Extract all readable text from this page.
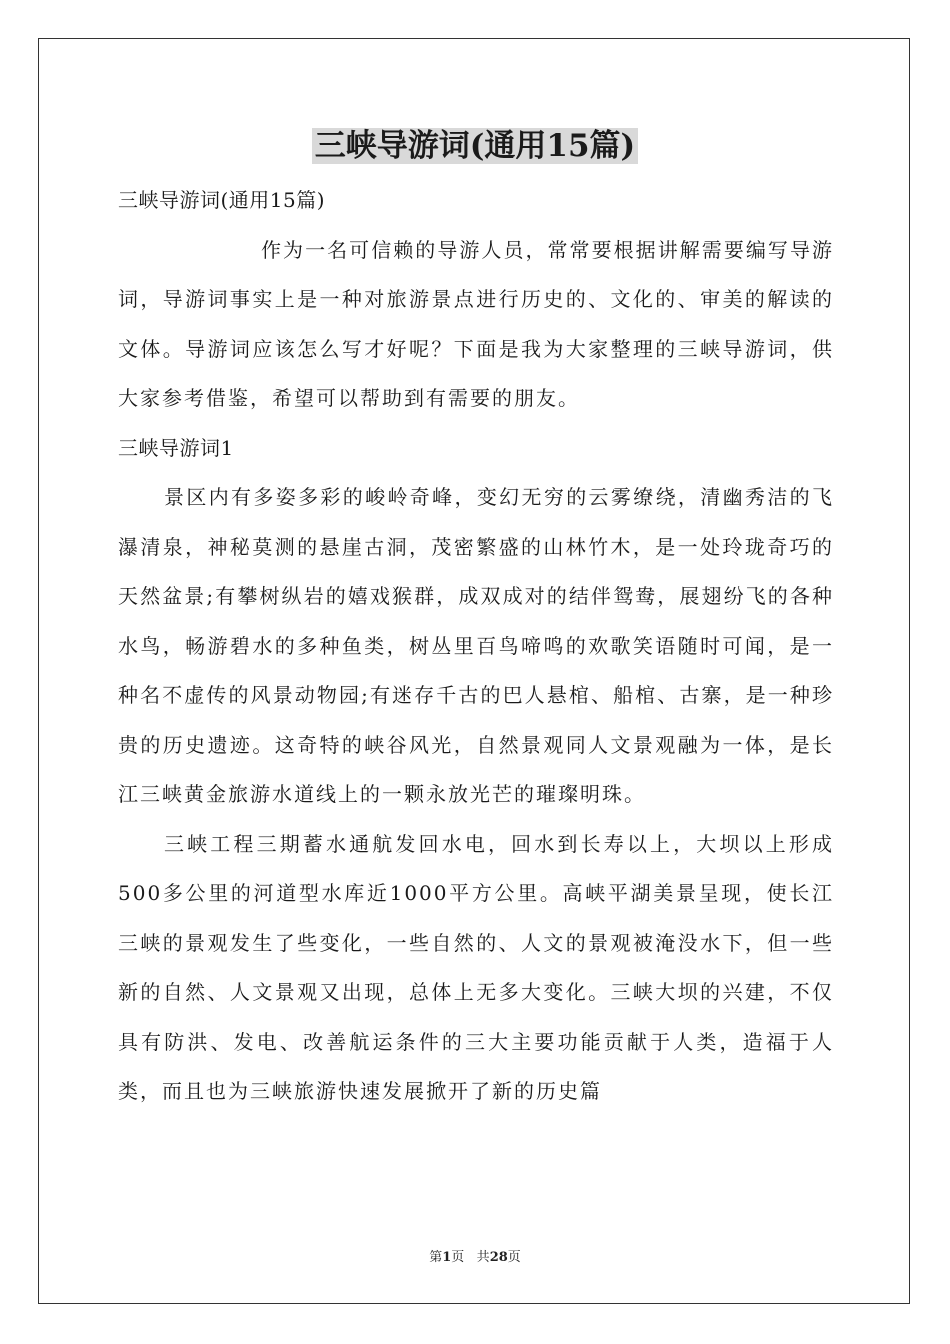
三峡导游词(通用15篇)

三峡导游词(通用15篇)

作为一名可信赖的导游人员，常常要根据讲解需要编写导游词，导游词事实上是一种对旅游景点进行历史的、文化的、审美的解读的文体。导游词应该怎么写才好呢？下面是我为大家整理的三峡导游词，供大家参考借鉴，希望可以帮助到有需要的朋友。

三峡导游词1

景区内有多姿多彩的峻岭奇峰，变幻无穷的云雾缭绕，清幽秀洁的飞瀑清泉，神秘莫测的悬崖古洞，茂密繁盛的山林竹木，是一处玲珑奇巧的天然盆景;有攀树纵岩的嬉戏猴群，成双成对的结伴鸳鸯，展翅纷飞的各种水鸟，畅游碧水的多种鱼类，树丛里百鸟啼鸣的欢歌笑语随时可闻，是一种名不虚传的风景动物园;有迷存千古的巴人悬棺、船棺、古寨，是一种珍贵的历史遗迹。这奇特的峡谷风光，自然景观同人文景观融为一体，是长江三峡黄金旅游水道线上的一颗永放光芒的璀璨明珠。

三峡工程三期蓄水通航发回水电，回水到长寿以上，大坝以上形成500多公里的河道型水库近1000平方公里。高峡平湖美景呈现，使长江三峡的景观发生了些变化，一些自然的、人文的景观被淹没水下，但一些新的自然、人文景观又出现，总体上无多大变化。三峡大坝的兴建，不仅具有防洪、发电、改善航运条件的三大主要功能贡献于人类，造福于人类，而且也为三峡旅游快速发展掀开了新的历史篇

第1页 共28页
